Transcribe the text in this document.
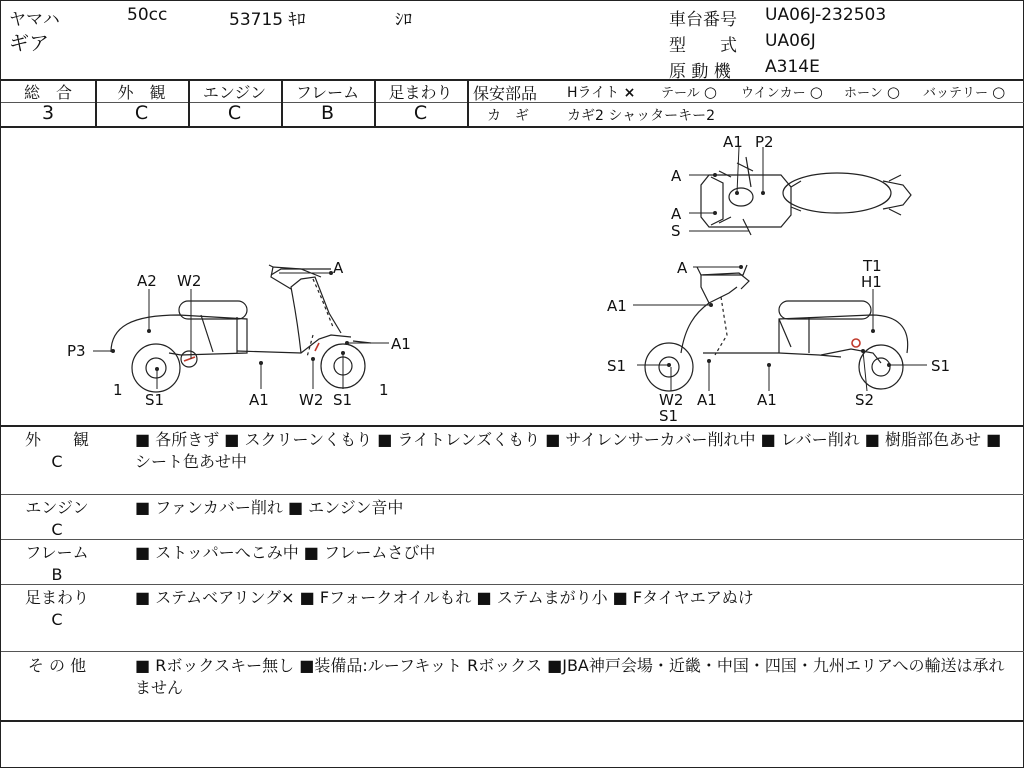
ヤマハ	50cc	53715 ｷﾛ	ｼﾛ
ギア
車台番号 UA06J-232503
型　　式 UA06J
原 動 機 A314E
総　合
3
外　観
C
エンジン
C
フレーム
B
足まわり
C
保安部品 Hライト × テール ○ ウインカー ○ ホーン ○ バッテリー ○
カ　ギ	カギ2 シャッターキー2
A1 P2
A
A
S
A2 W2
A
P3	A1
1
S1	A1 W2 S1
1
A	T1
H1
A1
S1	S1
W2
S1
A1	A1	S2
外　　観
C
■ 各所きず ■ スクリーンくもり ■ ライトレンズくもり ■ サイレンサーカバー削れ中 ■ レバー削れ ■ 樹脂部色あせ ■ シート色あせ中
エンジン
C
■ ファンカバー削れ ■ エンジン音中
フレーム
B
■ ストッパーへこみ中 ■ フレームさび中
足まわり
C
■ ステムベアリング× ■ Fフォークオイルもれ ■ ステムまがり小 ■ Fタイヤエアぬけ
そ の 他	■ Rボックスキー無し ■装備品:ルーフキット Rボックス ■JBA神戸会場・近畿・中国・四国・九州エリアへの輸送は承れません
